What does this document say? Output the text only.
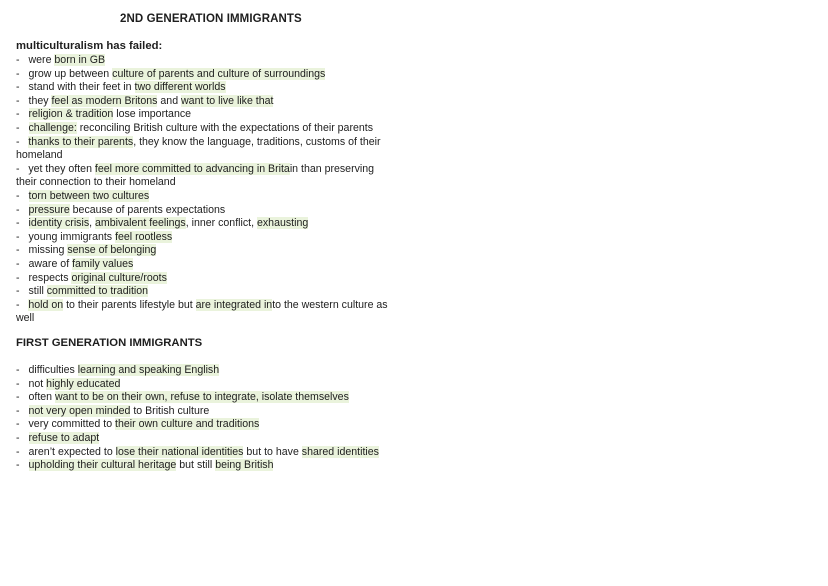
2ND GENERATION IMMIGRANTS
multiculturalism has failed:
- were born in GB
- grow up between culture of parents and culture of surroundings
- stand with their feet in two different worlds
- they feel as modern Britons and want to live like that
- religion & tradition lose importance
- challenge: reconciling British culture with the expectations of their parents
-   thanks to their parents, they know the language, traditions, customs of their homeland
-   yet they often feel more committed to advancing in Britain than preserving their connection to their homeland
- torn between two cultures
- pressure because of parents expectations
- identity crisis, ambivalent feelings, inner conflict, exhausting
- young immigrants feel rootless
- missing sense of belonging
- aware of family values
- respects original culture/roots
- still committed to tradition
-   hold on to their parents lifestyle but are integrated into the western culture as well
FIRST GENERATION IMMIGRANTS
- difficulties learning and speaking English
- not highly educated
- often want to be on their own, refuse to integrate, isolate themselves
- not very open minded to British culture
- very committed to their own culture and traditions
- refuse to adapt
- aren’t expected to lose their national identities but to have shared identities
- upholding their cultural heritage but still being British
